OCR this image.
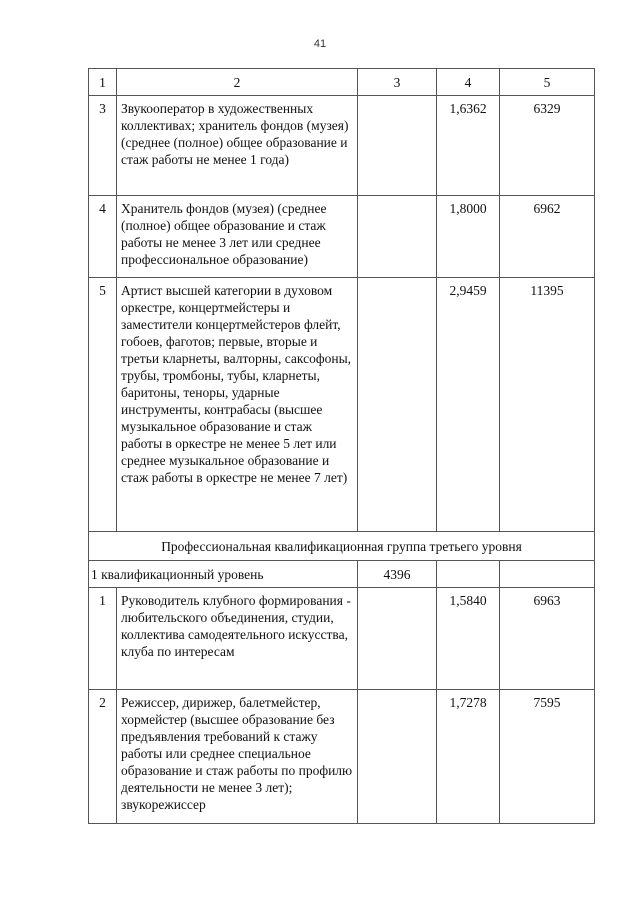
41
1	2	3	4	5
3	Звукооператор в художественных коллективах; хранитель фондов (музея) (среднее (полное) общее образование и стаж работы не менее 1 года)		1,6362	6329
4	Хранитель фондов (музея) (среднее (полное) общее образование и стаж работы не менее 3 лет или среднее профессиональное образование)		1,8000	6962
5	Артист высшей категории в духовом оркестре, концертмейстеры и заместители концертмейстеров флейт, гобоев, фаготов; первые, вторые и третьи кларнеты, валторны, саксофоны, трубы, тромбоны, тубы, кларнеты, баритоны, теноры, ударные инструменты, контрабасы (высшее музыкальное образование и стаж работы в оркестре не менее 5 лет или среднее музыкальное образование и стаж работы в оркестре не менее 7 лет)		2,9459	11395
Профессиональная квалификационная группа третьего уровня				
1 квалификационный уровень		4396		
1	Руководитель клубного формирования - любительского объединения, студии, коллектива самодеятельного искусства, клуба по интересам		1,5840	6963
2	Режиссер, дирижер, балетмейстер, хормейстер (высшее образование без предъявления требований к стажу работы или среднее специальное образование и стаж работы по профилю деятельности не менее 3 лет); звукорежиссер		1,7278	7595
